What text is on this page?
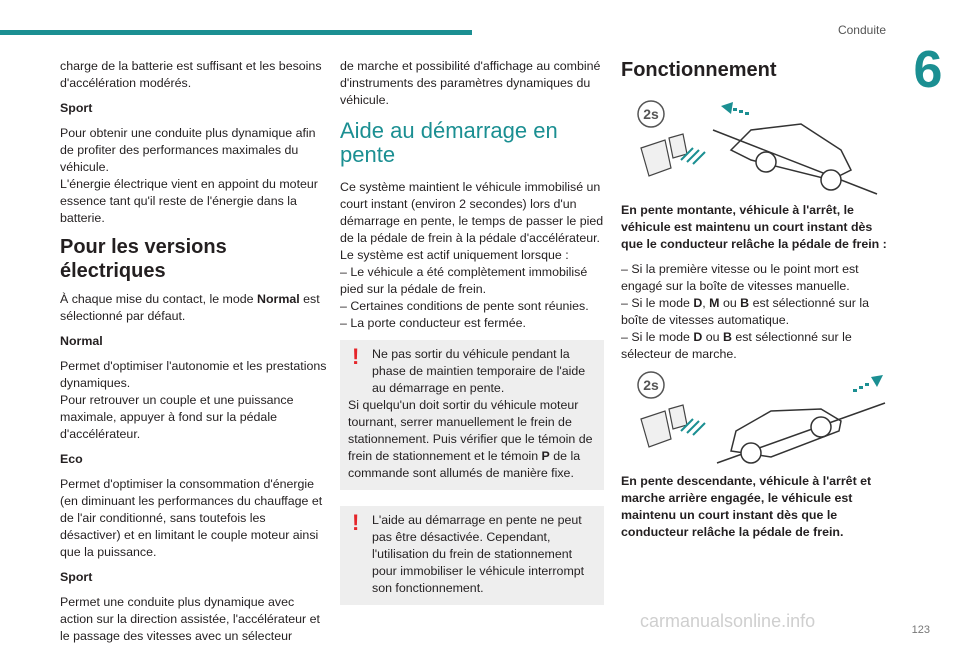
Conduite
6

charge de la batterie est suffisant et les besoins d'accélération modérés.

Sport

Pour obtenir une conduite plus dynamique afin de profiter des performances maximales du véhicule.
L'énergie électrique vient en appoint du moteur essence tant qu'il reste de l'énergie dans la batterie.

Pour les versions électriques

À chaque mise du contact, le mode Normal est sélectionné par défaut.

Normal

Permet d'optimiser l'autonomie et les prestations dynamiques.
Pour retrouver un couple et une puissance maximale, appuyer à fond sur la pédale d'accélérateur.

Eco

Permet d'optimiser la consommation d'énergie (en diminuant les performances du chauffage et de l'air conditionné, sans toutefois les désactiver) et en limitant le couple moteur ainsi que la puissance.

Sport

Permet une conduite plus dynamique avec action sur la direction assistée, l'accélérateur et le passage des vitesses avec un sélecteur

de marche et possibilité d'affichage au combiné d'instruments des paramètres dynamiques du véhicule.

Aide au démarrage en pente

Ce système maintient le véhicule immobilisé un court instant (environ 2 secondes) lors d'un démarrage en pente, le temps de passer le pied de la pédale de frein à la pédale d'accélérateur.
Le système est actif uniquement lorsque :
– Le véhicule a été complètement immobilisé pied sur la pédale de frein.
– Certaines conditions de pente sont réunies.
– La porte conducteur est fermée.

!	Ne pas sortir du véhicule pendant la phase de maintien temporaire de l'aide au démarrage en pente.
Si quelqu'un doit sortir du véhicule moteur tournant, serrer manuellement le frein de stationnement. Puis vérifier que le témoin de frein de stationnement et le témoin P de la commande sont allumés de manière fixe.
!	L'aide au démarrage en pente ne peut pas être désactivée. Cependant, l'utilisation du frein de stationnement pour immobiliser le véhicule interrompt son fonctionnement.
Fonctionnement
2s

En pente montante, véhicule à l'arrêt, le véhicule est maintenu un court instant dès que le conducteur relâche la pédale de frein :

– Si la première vitesse ou le point mort est engagé sur la boîte de vitesses manuelle.
– Si le mode D, M ou B est sélectionné sur la boîte de vitesses automatique.
– Si le mode D ou B est sélectionné sur le sélecteur de marche.

2s

En pente descendante, véhicule à l'arrêt et marche arrière engagée, le véhicule est maintenu un court instant dès que le conducteur relâche la pédale de frein.

carmanualsonline.info	123
